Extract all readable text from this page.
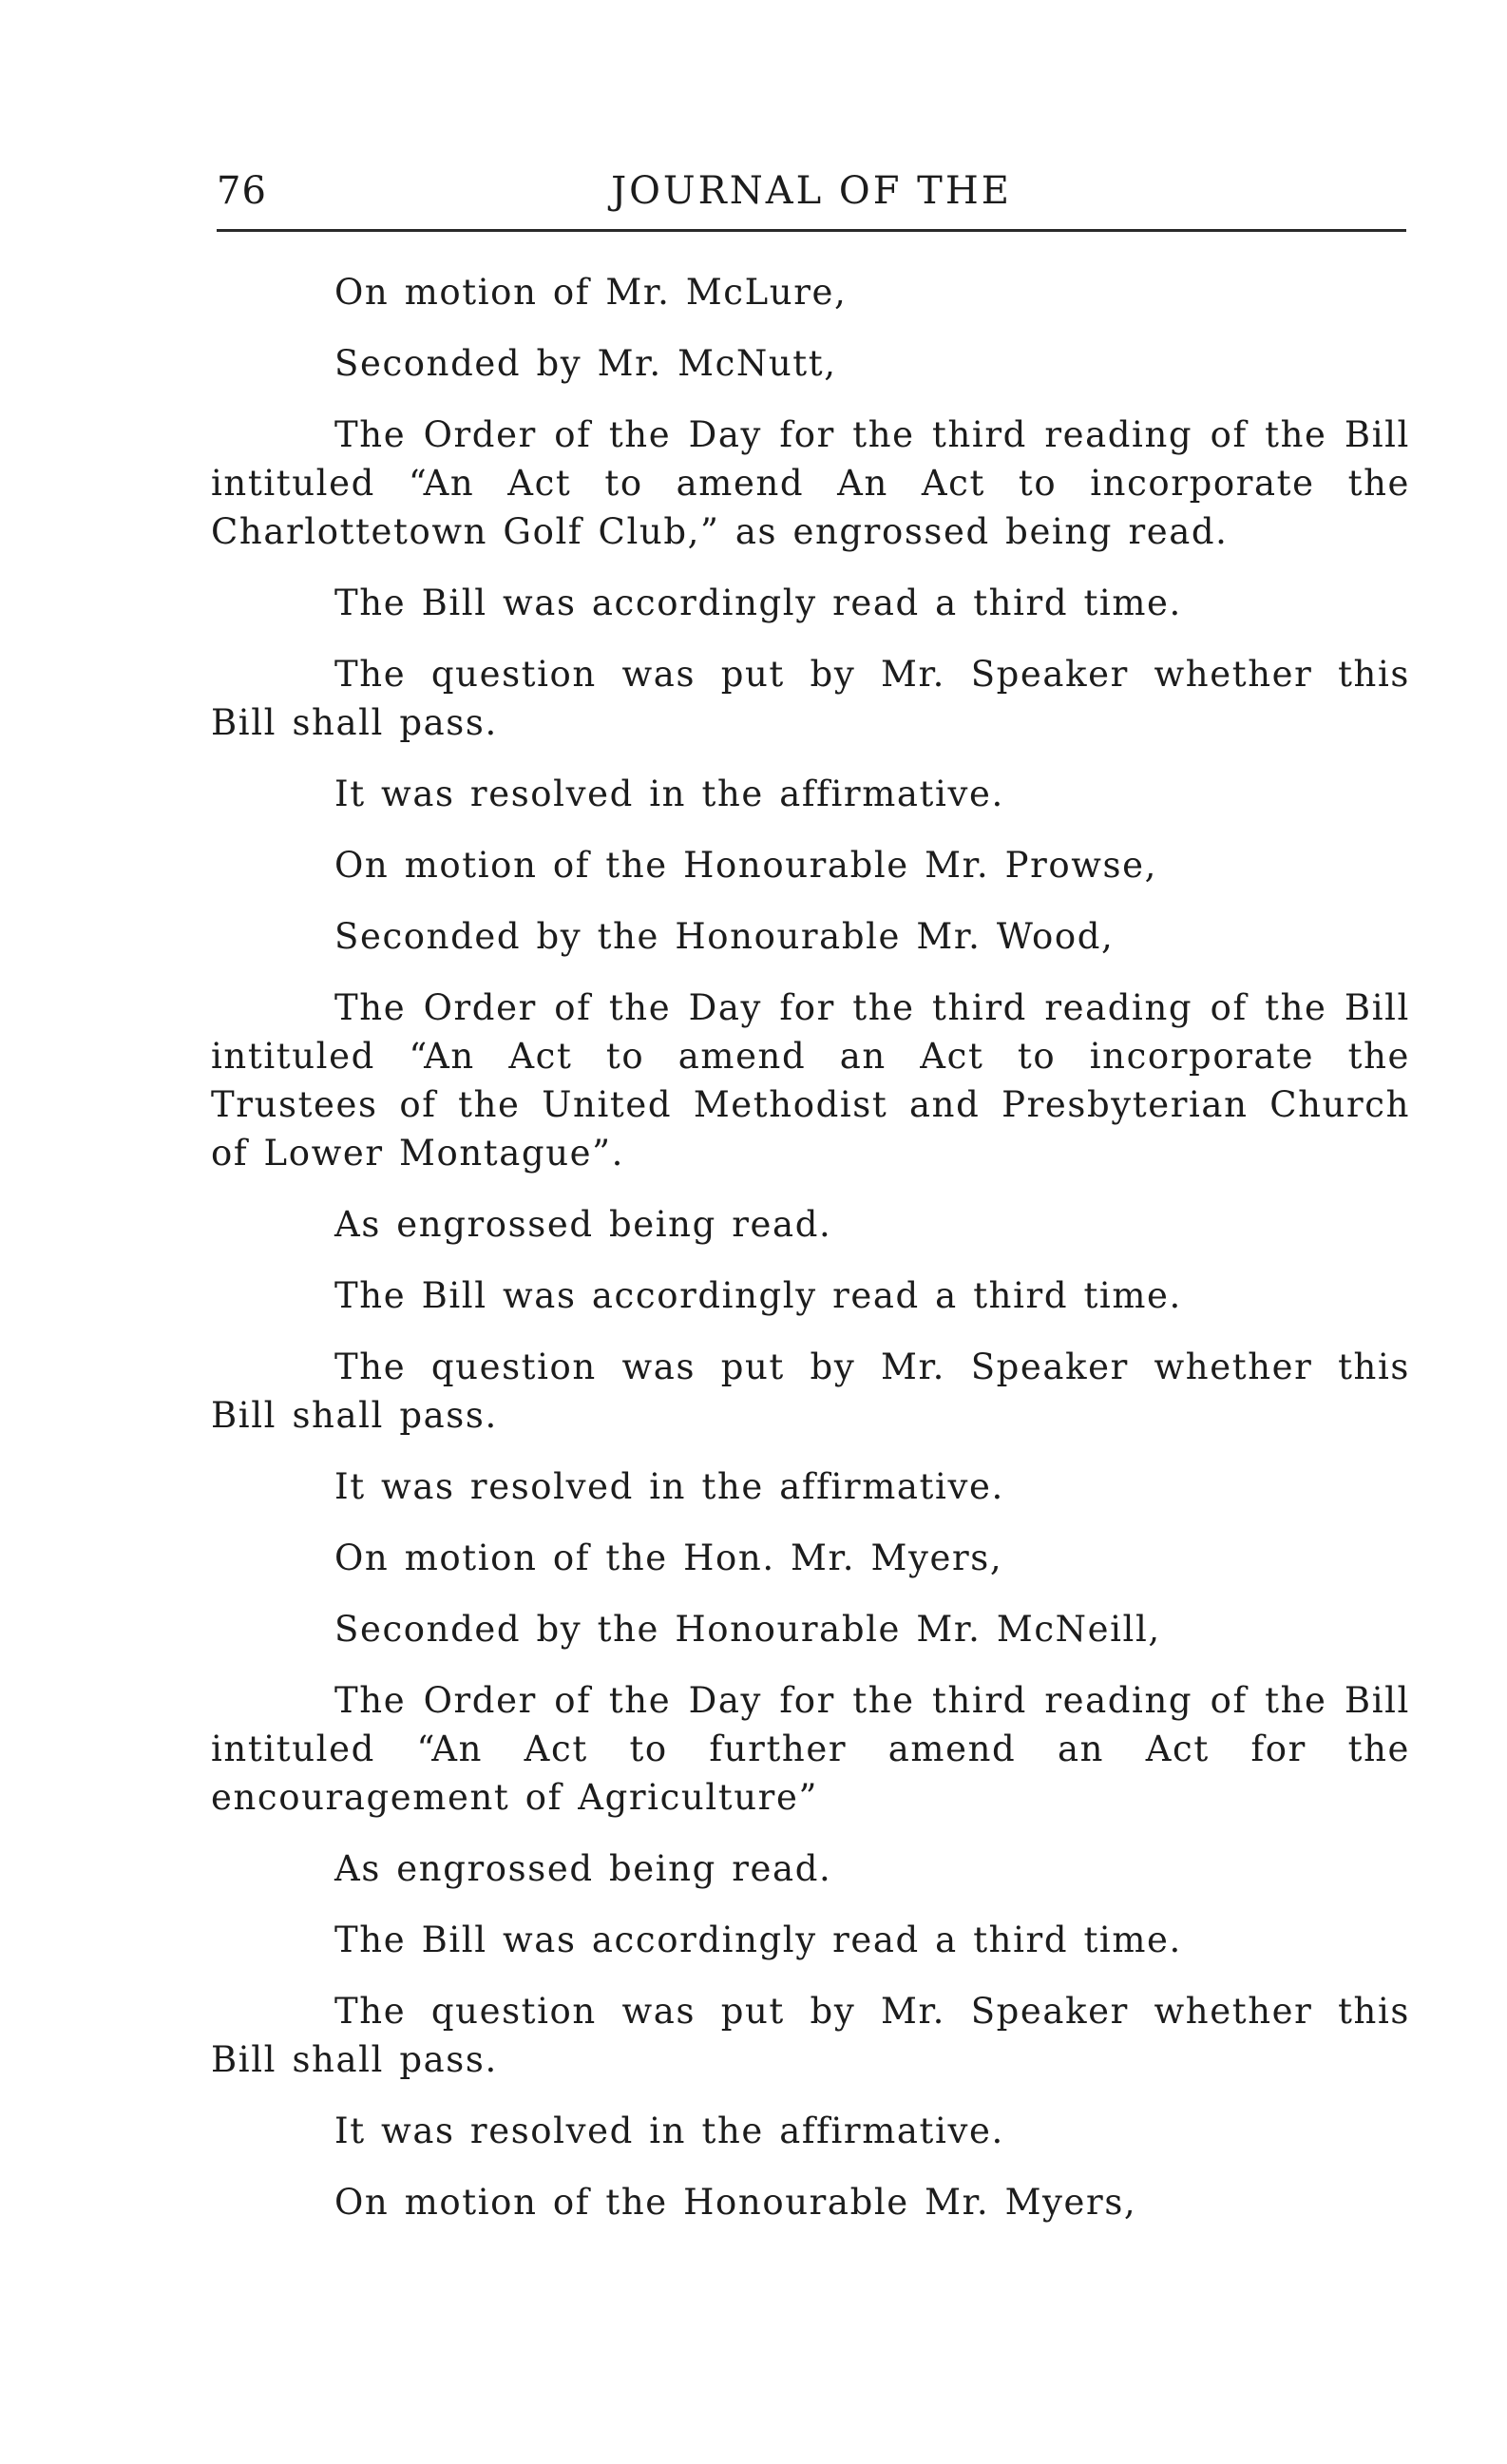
76	JOURNAL OF THE

On motion of Mr. McLure,

Seconded by Mr. McNutt,

The Order of the Day for the third reading of the Bill intituled “An Act to amend An Act to incorporate the Charlottetown Golf Club,” as engrossed being read.

The Bill was accordingly read a third time.

The question was put by Mr. Speaker whether this Bill shall pass.

It was resolved in the affirmative.

On motion of the Honourable Mr. Prowse,

Seconded by the Honourable Mr. Wood,

The Order of the Day for the third reading of the Bill intituled “An Act to amend an Act to incorporate the Trustees of the United Methodist and Presbyterian Church of Lower Montague”.

As engrossed being read.

The Bill was accordingly read a third time.

The question was put by Mr. Speaker whether this Bill shall pass.

It was resolved in the affirmative.

On motion of the Hon. Mr. Myers,

Seconded by the Honourable Mr. McNeill,

The Order of the Day for the third reading of the Bill intituled “An Act to further amend an Act for the encouragement of Agriculture”

As engrossed being read.

The Bill was accordingly read a third time.

The question was put by Mr. Speaker whether this Bill shall pass.

It was resolved in the affirmative.

On motion of the Honourable Mr. Myers,
